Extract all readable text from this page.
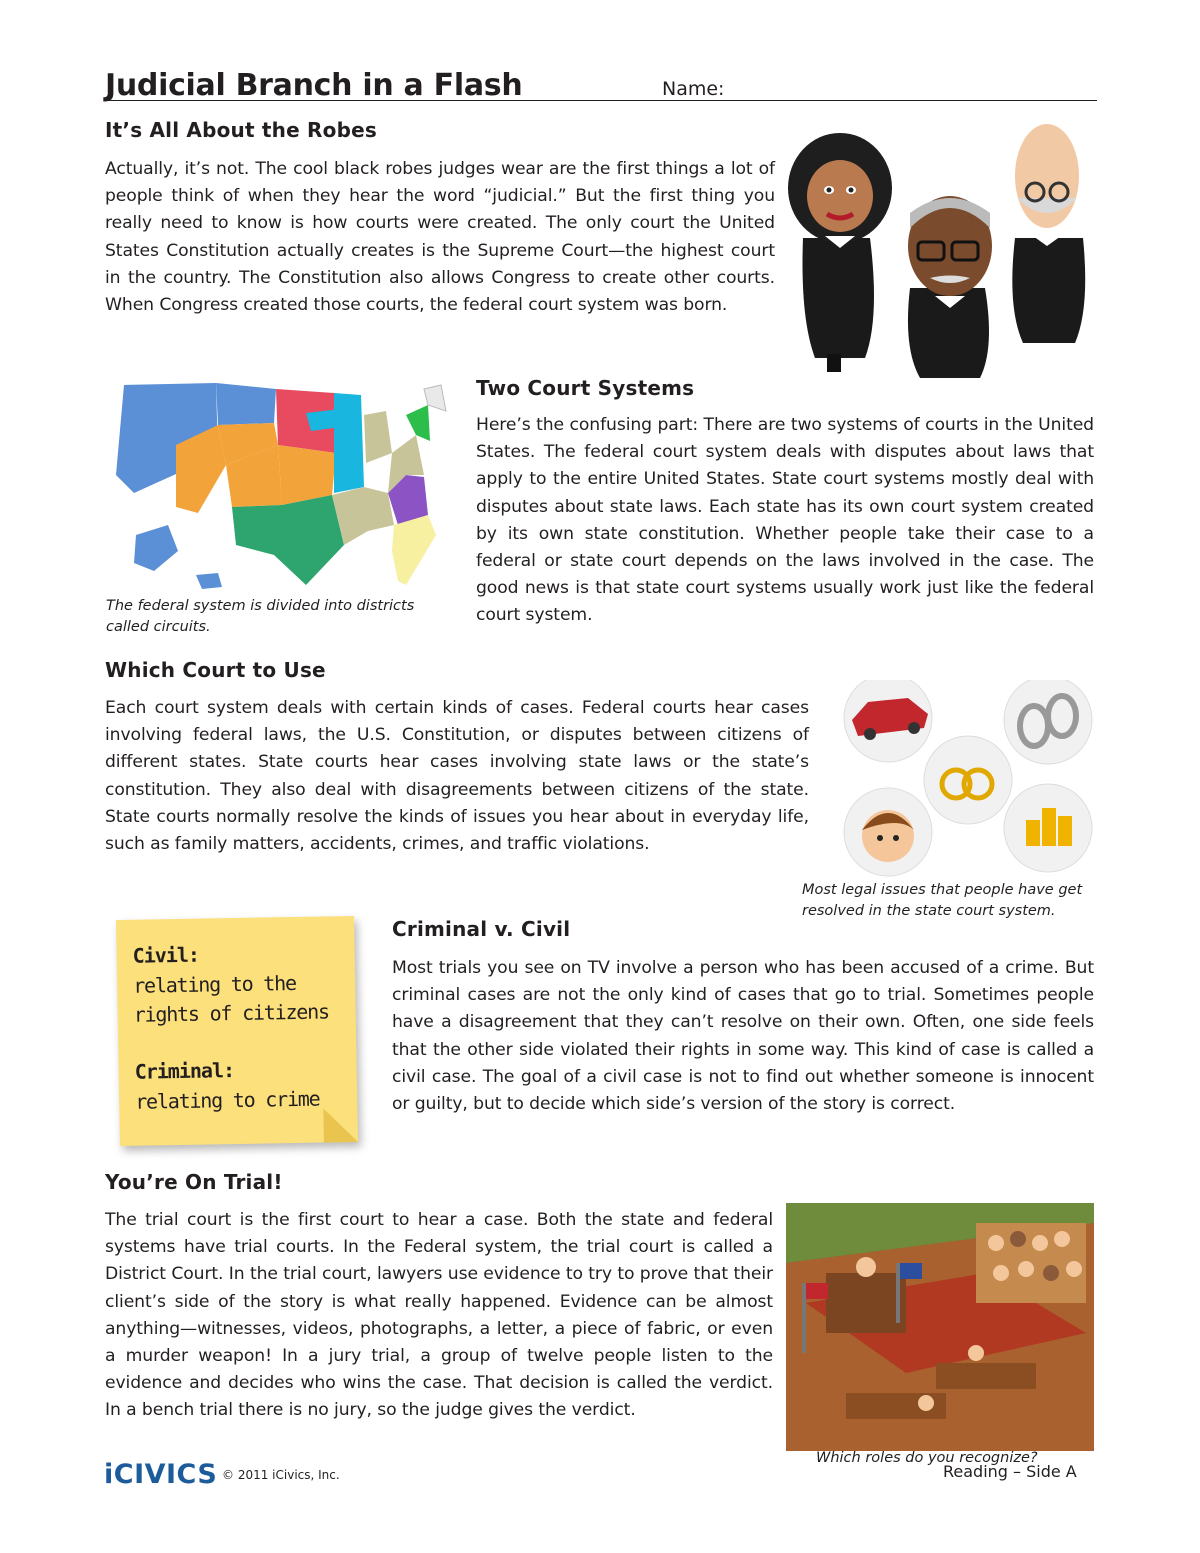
Judicial Branch in a Flash	Name:
It’s All About the Robes

Actually, it’s not. The cool black robes judges wear are the first things a lot of people think of when they hear the word “judicial.” But the first thing you really need to know is how courts were created. The only court the United States Constitution actually creates is the Supreme Court—the highest court in the country. The Constitution also allows Congress to create other courts. When Congress created those courts, the federal court system was born.

The federal system is divided into districts called circuits.

Two Court Systems

Here’s the confusing part: There are two systems of courts in the United States. The federal court system deals with disputes about laws that apply to the entire United States. State court systems mostly deal with disputes about state laws. Each state has its own court system created by its own state constitution. Whether people take their case to a federal or state court depends on the laws involved in the case. The good news is that state court systems usually work just like the federal court system.

Which Court to Use

Each court system deals with certain kinds of cases. Federal courts hear cases involving federal laws, the U.S. Constitution, or disputes between citizens of different states. State courts hear cases involving state laws or the state’s constitution. They also deal with disagreements between citizens of the state. State courts normally resolve the kinds of issues you hear about in everyday life, such as family matters, accidents, crimes, and traffic violations.

Most legal issues that people have get resolved in the state court system.

Civil:
relating to the rights of citizens
Criminal:
relating to crime
Criminal v. Civil

Most trials you see on TV involve a person who has been accused of a crime. But criminal cases are not the only kind of cases that go to trial. Sometimes people have a disagreement that they can’t resolve on their own. Often, one side feels that the other side violated their rights in some way. This kind of case is called a civil case. The goal of a civil case is not to find out whether someone is innocent or guilty, but to decide which side’s version of the story is correct.

You’re On Trial!

The trial court is the first court to hear a case. Both the state and federal systems have trial courts. In the Federal system, the trial court is called a District Court. In the trial court, lawyers use evidence to try to prove that their client’s side of the story is what really happened. Evidence can be almost anything—witnesses, videos, photographs, a letter, a piece of fabric, or even a murder weapon! In a jury trial, a group of twelve people listen to the evidence and decides who wins the case. That decision is called the verdict. In a bench trial there is no jury, so the judge gives the verdict.

Which roles do you recognize?
iCIVICS © 2011 iCivics, Inc.	Reading – Side A
